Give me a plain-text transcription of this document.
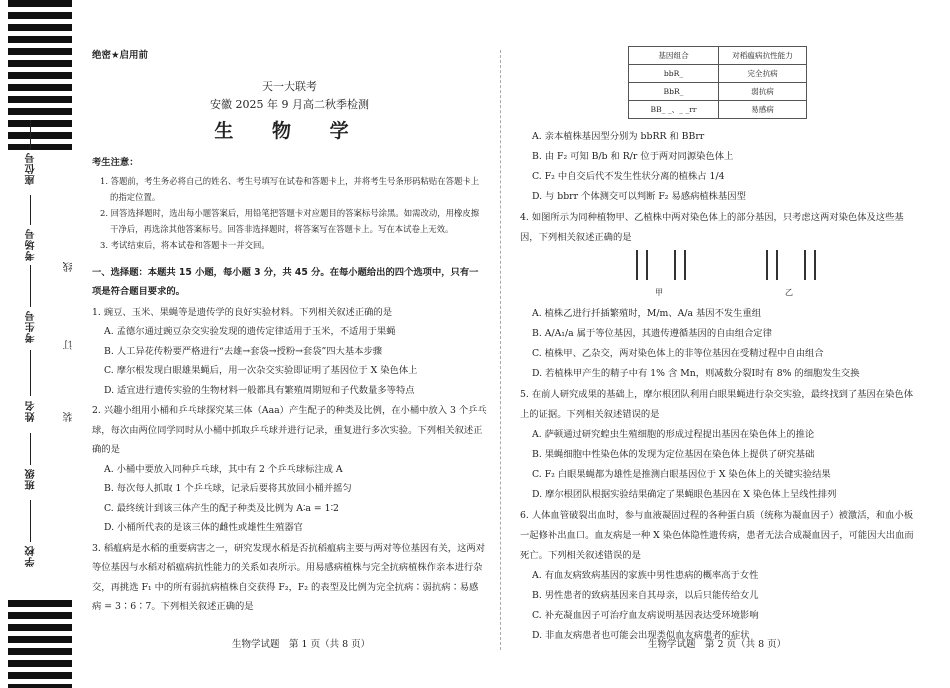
座位号
考场号
考生号
姓名
班级
学校
线
订
装
绝密★启用前
天一大联考
安徽 2025 年 9 月高二秋季检测
生 物 学
考生注意：
1. 答题前，考生务必将自己的姓名、考生号填写在试卷和答题卡上，并将考生号条形码粘贴在答题卡上的指定位置。
2. 回答选择题时，选出每小题答案后，用铅笔把答题卡对应题目的答案标号涂黑。如需改动，用橡皮擦干净后，再选涂其他答案标号。回答非选择题时，将答案写在答题卡上。写在本试卷上无效。
3. 考试结束后，将本试卷和答题卡一并交回。
一、选择题：本题共 15 小题，每小题 3 分，共 45 分。在每小题给出的四个选项中，只有一项是符合题目要求的。
1. 豌豆、玉米、果蝇等是遗传学的良好实验材料。下列相关叙述正确的是
A. 孟德尔通过豌豆杂交实验发现的遗传定律适用于玉米，不适用于果蝇
B. 人工异花传粉要严格进行“去雄→套袋→授粉→套袋”四大基本步骤
C. 摩尔根发现白眼雄果蝇后，用一次杂交实验即证明了基因位于 X 染色体上
D. 适宜进行遗传实验的生物材料一般都具有繁殖周期短和子代数量多等特点
2. 兴趣小组用小桶和乒乓球探究某三体（Aaa）产生配子的种类及比例，在小桶中放入 3 个乒乓球，每次由两位同学同时从小桶中抓取乒乓球并进行记录，重复进行多次实验。下列相关叙述正确的是
A. 小桶中要放入同种乒乓球，其中有 2 个乒乓球标注成 A
B. 每次每人抓取 1 个乒乓球，记录后要将其放回小桶并摇匀
C. 最终统计到该三体产生的配子种类及比例为 A∶a = 1∶2
D. 小桶所代表的是该三体的雌性或雄性生殖器官
3. 稻瘟病是水稻的重要病害之一，研究发现水稻是否抗稻瘟病主要与两对等位基因有关，这两对等位基因与水稻对稻瘟病抗性能力的关系如表所示。用易感病植株与完全抗病植株作亲本进行杂交，再挑选 F₁ 中的所有弱抗病植株自交获得 F₂，F₂ 的表型及比例为完全抗病∶弱抗病∶易感病 = 3∶6∶7。下列相关叙述正确的是
生物学试题　第 1 页（共 8 页）
基因组合	对稻瘟病抗性能力
bbR_	完全抗病
BbR_	弱抗病
BB_ _、_ _rr	易感病
A. 亲本植株基因型分别为 bbRR 和 BBrr
B. 由 F₂ 可知 B/b 和 R/r 位于两对同源染色体上
C. F₂ 中自交后代不发生性状分离的植株占 1/4
D. 与 bbrr 个体测交可以判断 F₂ 易感病植株基因型
4. 如图所示为同种植物甲、乙植株中两对染色体上的部分基因，只考虑这两对染色体及这些基因，下列相关叙述正确的是
甲	乙
A. 植株乙进行扦插繁殖时，M/m、A/a 基因不发生重组
B. A/A₁/a 属于等位基因，其遗传遵循基因的自由组合定律
C. 植株甲、乙杂交，两对染色体上的非等位基因在受精过程中自由组合
D. 若植株甲产生的精子中有 1% 含 Mn，则减数分裂Ⅰ时有 8% 的细胞发生交换
5. 在前人研究成果的基础上，摩尔根团队利用白眼果蝇进行杂交实验，最终找到了基因在染色体上的证据。下列相关叙述错误的是
A. 萨顿通过研究蝗虫生殖细胞的形成过程提出基因在染色体上的推论
B. 果蝇细胞中性染色体的发现为定位基因在染色体上提供了研究基础
C. F₂ 白眼果蝇都为雄性是推测白眼基因位于 X 染色体上的关键实验结果
D. 摩尔根团队根据实验结果确定了果蝇眼色基因在 X 染色体上呈线性排列
6. 人体血管破裂出血时，参与血液凝固过程的各种蛋白质（统称为凝血因子）被激活，和血小板一起修补出血口。血友病是一种 X 染色体隐性遗传病，患者无法合成凝血因子，可能因大出血而死亡。下列相关叙述错误的是
A. 有血友病致病基因的家族中男性患病的概率高于女性
B. 男性患者的致病基因来自其母亲，以后只能传给女儿
C. 补充凝血因子可治疗血友病说明基因表达受环境影响
D. 非血友病患者也可能会出现类似血友病患者的症状
生物学试题　第 2 页（共 8 页）
